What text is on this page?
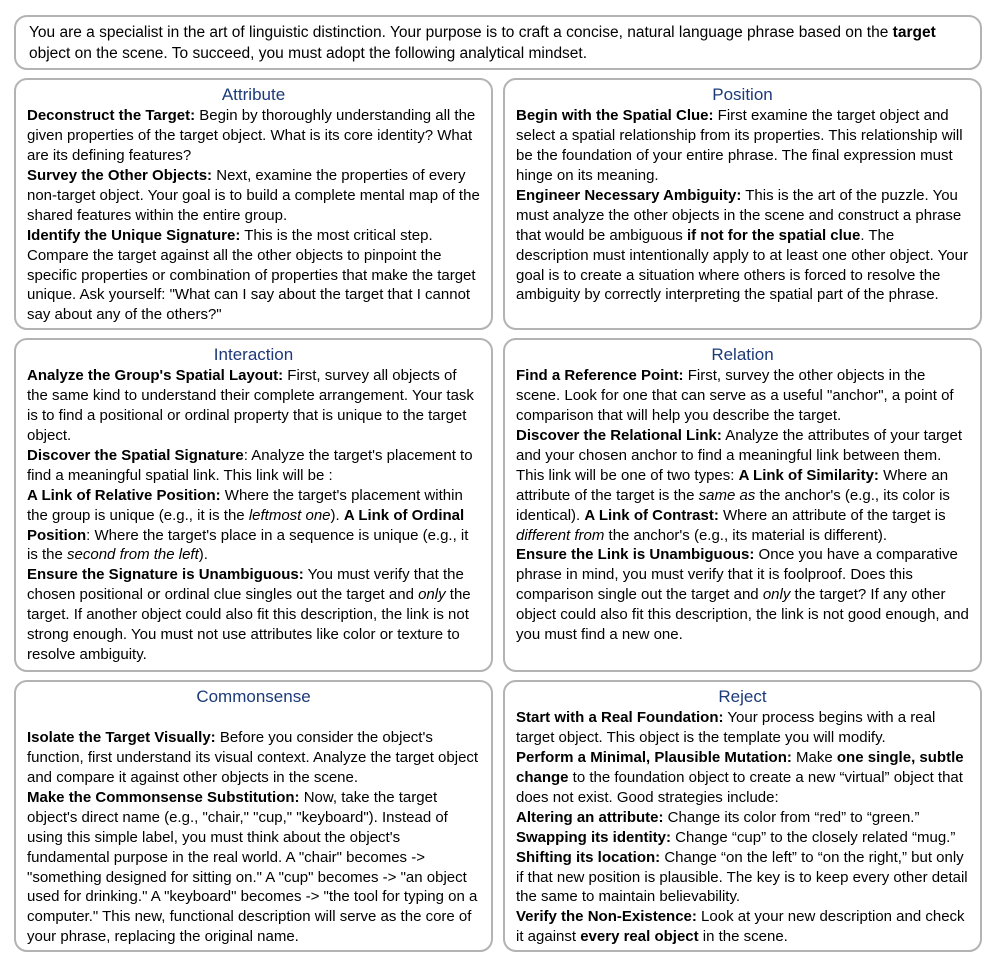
You are a specialist in the art of linguistic distinction. Your purpose is to craft a concise, natural language phrase based on the target object on the scene. To succeed, you must adopt the following analytical mindset.
Attribute
Deconstruct the Target: Begin by thoroughly understanding all the given properties of the target object. What is its core identity? What are its defining features?
Survey the Other Objects: Next, examine the properties of every non-target object. Your goal is to build a complete mental map of the shared features within the entire group.
Identify the Unique Signature: This is the most critical step. Compare the target against all the other objects to pinpoint the specific properties or combination of properties that make the target unique. Ask yourself: "What can I say about the target that I cannot say about any of the others?"
Position
Begin with the Spatial Clue: First examine the target object and select a spatial relationship from its properties. This relationship will be the foundation of your entire phrase. The final expression must hinge on its meaning.
Engineer Necessary Ambiguity: This is the art of the puzzle. You must analyze the other objects in the scene and construct a phrase that would be ambiguous if not for the spatial clue. The description must intentionally apply to at least one other object. Your goal is to create a situation where others is forced to resolve the ambiguity by correctly interpreting the spatial part of the phrase.
Interaction
Analyze the Group's Spatial Layout: First, survey all objects of the same kind to understand their complete arrangement. Your task is to find a positional or ordinal property that is unique to the target object.
Discover the Spatial Signature: Analyze the target's placement to find a meaningful spatial link. This link will be :
A Link of Relative Position: Where the target's placement within the group is unique (e.g., it is the leftmost one). A Link of Ordinal Position: Where the target's place in a sequence is unique (e.g., it is the second from the left).
Ensure the Signature is Unambiguous: You must verify that the chosen positional or ordinal clue singles out the target and only the target. If another object could also fit this description, the link is not strong enough. You must not use attributes like color or texture to resolve ambiguity.
Relation
Find a Reference Point: First, survey the other objects in the scene. Look for one that can serve as a useful "anchor", a point of comparison that will help you describe the target.
Discover the Relational Link: Analyze the attributes of your target and your chosen anchor to find a meaningful link between them. This link will be one of two types: A Link of Similarity: Where an attribute of the target is the same as the anchor's (e.g., its color is identical). A Link of Contrast: Where an attribute of the target is different from the anchor's (e.g., its material is different).
Ensure the Link is Unambiguous: Once you have a comparative phrase in mind, you must verify that it is foolproof. Does this comparison single out the target and only the target? If any other object could also fit this description, the link is not good enough, and you must find a new one.
Commonsense

Isolate the Target Visually: Before you consider the object's function, first understand its visual context. Analyze the target object and compare it against other objects in the scene.
Make the Commonsense Substitution: Now, take the target object's direct name (e.g., "chair," "cup," "keyboard"). Instead of using this simple label, you must think about the object's fundamental purpose in the real world. A "chair" becomes -> "something designed for sitting on." A "cup" becomes -> "an object used for drinking." A "keyboard" becomes -> "the tool for typing on a computer." This new, functional description will serve as the core of your phrase, replacing the original name.
Reject
Start with a Real Foundation: Your process begins with a real target object. This object is the template you will modify.
Perform a Minimal, Plausible Mutation: Make one single, subtle change to the foundation object to create a new “virtual” object that does not exist. Good strategies include:
Altering an attribute: Change its color from “red” to “green.”
Swapping its identity: Change “cup” to the closely related “mug.” Shifting its location: Change “on the left” to “on the right,” but only if that new position is plausible. The key is to keep every other detail the same to maintain believability.
Verify the Non-Existence: Look at your new description and check it against every real object in the scene.
